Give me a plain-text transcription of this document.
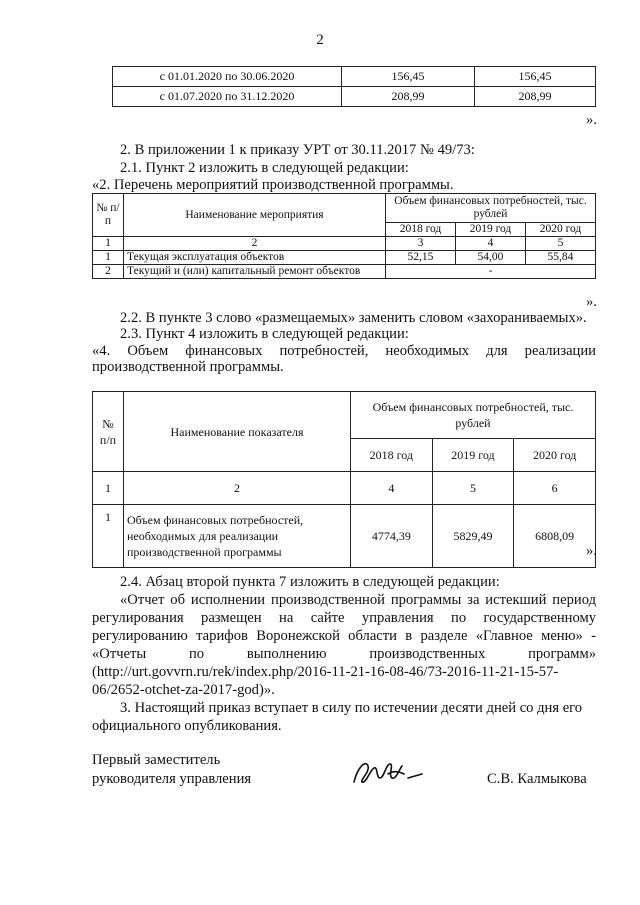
2
с 01.01.2020 по 30.06.2020	156,45	156,45
с 01.07.2020 по 31.12.2020	208,99	208,99
».
2. В приложении 1 к приказу УРТ от 30.11.2017 № 49/73:
2.1. Пункт 2 изложить в следующей редакции:
«2. Перечень мероприятий производственной программы.
№ п/п	Наименование мероприятия	Объем финансовых потребностей, тыс. рублей		
		2018 год	2019 год	2020 год
1	2	3	4	5
1	Текущая эксплуатация объектов	52,15	54,00	55,84
2	Текущий и (или) капитальный ремонт объектов	-		
».
2.2. В пункте 3 слово «размещаемых» заменить словом «захораниваемых».
2.3. Пункт 4 изложить в следующей редакции:
«4. Объем финансовых потребностей, необходимых для реализации
производственной программы.
№ п/п	Наименование показателя	Объем финансовых потребностей, тыс. рублей		
		2018 год	2019 год	2020 год
1	2	4	5	6
1	Объем финансовых потребностей, необходимых для реализации производственной программы	4774,39	5829,49	6808,09
».
2.4. Абзац второй пункта 7 изложить в следующей редакции:
«Отчет об исполнении производственной программы за истекший период
регулирования размещен на сайте управления по государственному
регулированию тарифов Воронежской области в разделе «Главное меню» -
«Отчеты по выполнению производственных программ»
(http://urt.govvrn.ru/rek/index.php/2016-11-21-16-08-46/73-2016-11-21-15-57-
06/2652-otchet-za-2017-god)».
3. Настоящий приказ вступает в силу по истечении десяти дней со дня его
официального опубликования.
Первый заместитель
руководителя управления	С.В. Калмыкова
